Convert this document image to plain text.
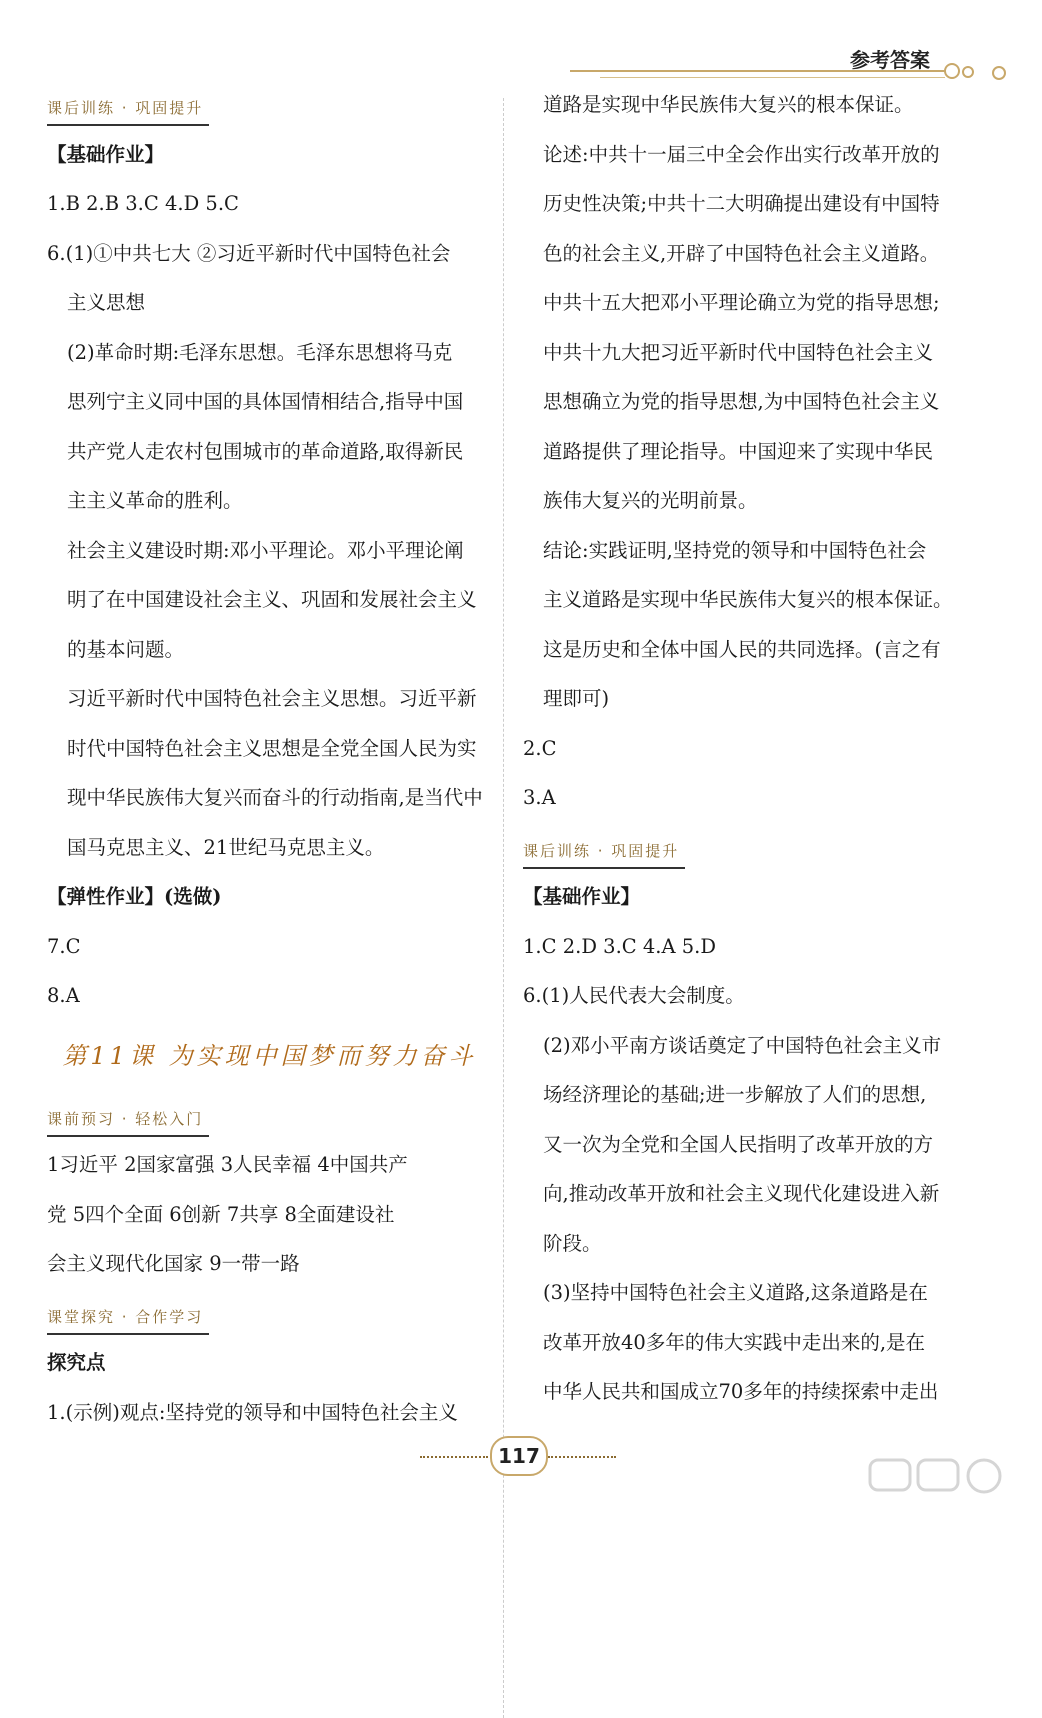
参考答案
课后训练 · 巩固提升
【基础作业】
1.B 2.B 3.C 4.D 5.C
6.(1)①中共七大 ②习近平新时代中国特色社会
主义思想
(2)革命时期:毛泽东思想。毛泽东思想将马克
思列宁主义同中国的具体国情相结合,指导中国
共产党人走农村包围城市的革命道路,取得新民
主主义革命的胜利。
社会主义建设时期:邓小平理论。邓小平理论阐
明了在中国建设社会主义、巩固和发展社会主义
的基本问题。
习近平新时代中国特色社会主义思想。习近平新
时代中国特色社会主义思想是全党全国人民为实
现中华民族伟大复兴而奋斗的行动指南,是当代中
国马克思主义、21世纪马克思主义。
【弹性作业】(选做)
7.C
8.A
第11课 为实现中国梦而努力奋斗
课前预习 · 轻松入门
1习近平 2国家富强 3人民幸福 4中国共产
党 5四个全面 6创新 7共享 8全面建设社
会主义现代化国家 9一带一路
课堂探究 · 合作学习
探究点
1.(示例)观点:坚持党的领导和中国特色社会主义
道路是实现中华民族伟大复兴的根本保证。
论述:中共十一届三中全会作出实行改革开放的
历史性决策;中共十二大明确提出建设有中国特
色的社会主义,开辟了中国特色社会主义道路。
中共十五大把邓小平理论确立为党的指导思想;
中共十九大把习近平新时代中国特色社会主义
思想确立为党的指导思想,为中国特色社会主义
道路提供了理论指导。中国迎来了实现中华民
族伟大复兴的光明前景。
结论:实践证明,坚持党的领导和中国特色社会
主义道路是实现中华民族伟大复兴的根本保证。
这是历史和全体中国人民的共同选择。(言之有
理即可)
2.C
3.A
课后训练 · 巩固提升
【基础作业】
1.C 2.D 3.C 4.A 5.D
6.(1)人民代表大会制度。
(2)邓小平南方谈话奠定了中国特色社会主义市
场经济理论的基础;进一步解放了人们的思想,
又一次为全党和全国人民指明了改革开放的方
向,推动改革开放和社会主义现代化建设进入新
阶段。
(3)坚持中国特色社会主义道路,这条道路是在
改革开放40多年的伟大实践中走出来的,是在
中华人民共和国成立70多年的持续探索中走出
117
